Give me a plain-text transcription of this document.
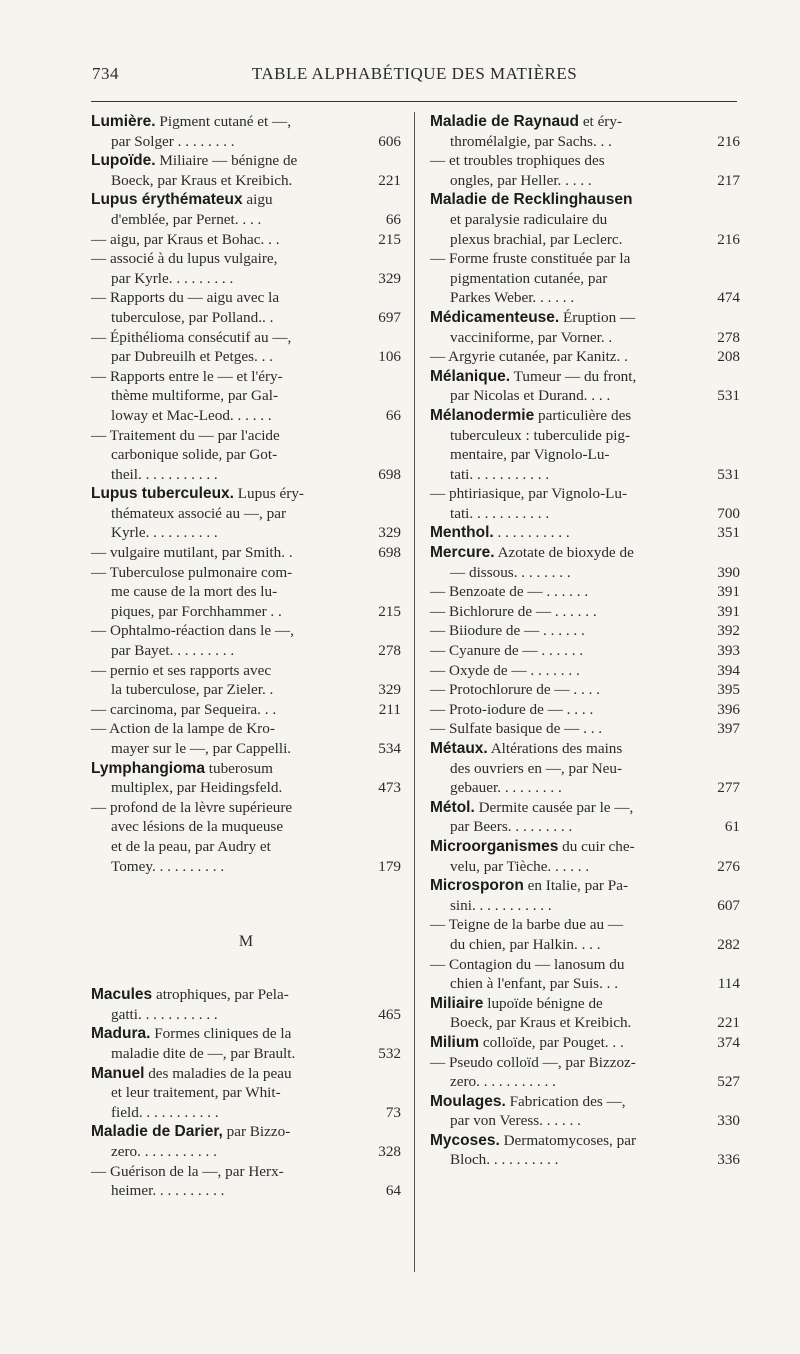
734	TABLE ALPHABÉTIQUE DES MATIÈRES
Lumière. Pigment cutané et —,
par Solger . . . . . . . .	606
Lupoïde. Miliaire — bénigne de
Boeck, par Kraus et Kreibich.	221
Lupus érythémateux aigu
d'emblée, par Pernet. . . .	66
— aigu, par Kraus et Bohac. . .	215
— associé à du lupus vulgaire,
par Kyrle. . . . . . . . .	329
— Rapports du — aigu avec la
tuberculose, par Polland.. .	697
— Épithélioma consécutif au —,
par Dubreuilh et Petges. . .	106
— Rapports entre le — et l'éry-
thème multiforme, par Gal-
loway et Mac-Leod. . . . . .	66
— Traitement du — par l'acide
carbonique solide, par Got-
theil. . . . . . . . . . .	698
Lupus tuberculeux. Lupus éry-
thémateux associé au —, par
Kyrle. . . . . . . . . .	329
— vulgaire mutilant, par Smith. .	698
— Tuberculose pulmonaire com-
me cause de la mort des lu-
piques, par Forchhammer . .	215
— Ophtalmo-réaction dans le —,
par Bayet. . . . . . . . .	278
— pernio et ses rapports avec
la tuberculose, par Zieler. .	329
— carcinoma, par Sequeira. . .	211
— Action de la lampe de Kro-
mayer sur le —, par Cappelli.	534
Lymphangioma tuberosum
multiplex, par Heidingsfeld.	473
— profond de la lèvre supérieure
avec lésions de la muqueuse
et de la peau, par Audry et
Tomey. . . . . . . . . .	179
M
Macules atrophiques, par Pela-
gatti. . . . . . . . . . .	465
Madura. Formes cliniques de la
maladie dite de —, par Brault.	532
Manuel des maladies de la peau
et leur traitement, par Whit-
field. . . . . . . . . . .	73
Maladie de Darier, par Bizzo-
zero. . . . . . . . . . .	328
— Guérison de la —, par Herx-
heimer. . . . . . . . . .	64
Maladie de Raynaud et éry-
thromélalgie, par Sachs. . .	216
— et troubles trophiques des
ongles, par Heller. . . . .	217
Maladie de Recklinghausen
et paralysie radiculaire du
plexus brachial, par Leclerc.	216
— Forme fruste constituée par la
pigmentation cutanée, par
Parkes Weber. . . . . .	474
Médicamenteuse. Éruption —
vacciniforme, par Vorner. .	278
— Argyrie cutanée, par Kanitz. .	208
Mélanique. Tumeur — du front,
par Nicolas et Durand. . . .	531
Mélanodermie particulière des
tuberculeux : tuberculide pig-
mentaire, par Vignolo-Lu-
tati. . . . . . . . . . .	531
— phtiriasique, par Vignolo-Lu-
tati. . . . . . . . . . .	700
Menthol. . . . . . . . . . .	351
Mercure. Azotate de bioxyde de
— dissous. . . . . . . .	390
— Benzoate de — . . . . . .	391
— Bichlorure de — . . . . . .	391
— Biiodure de — . . . . . .	392
— Cyanure de — . . . . . .	393
— Oxyde de — . . . . . . .	394
— Protochlorure de — . . . .	395
— Proto-iodure de — . . . .	396
— Sulfate basique de — . . .	397
Métaux. Altérations des mains
des ouvriers en —, par Neu-
gebauer. . . . . . . . .	277
Métol. Dermite causée par le —,
par Beers. . . . . . . . .	61
Microorganismes du cuir che-
velu, par Tièche. . . . . .	276
Microsporon en Italie, par Pa-
sini. . . . . . . . . . .	607
— Teigne de la barbe due au —
du chien, par Halkin. . . .	282
— Contagion du — lanosum du
chien à l'enfant, par Suis. . .	114
Miliaire lupoïde bénigne de
Boeck, par Kraus et Kreibich.	221
Milium colloïde, par Pouget. . .	374
— Pseudo colloïd —, par Bizzoz-
zero. . . . . . . . . . .	527
Moulages. Fabrication des —,
par von Veress. . . . . .	330
Mycoses. Dermatomycoses, par
Bloch. . . . . . . . . .	336
